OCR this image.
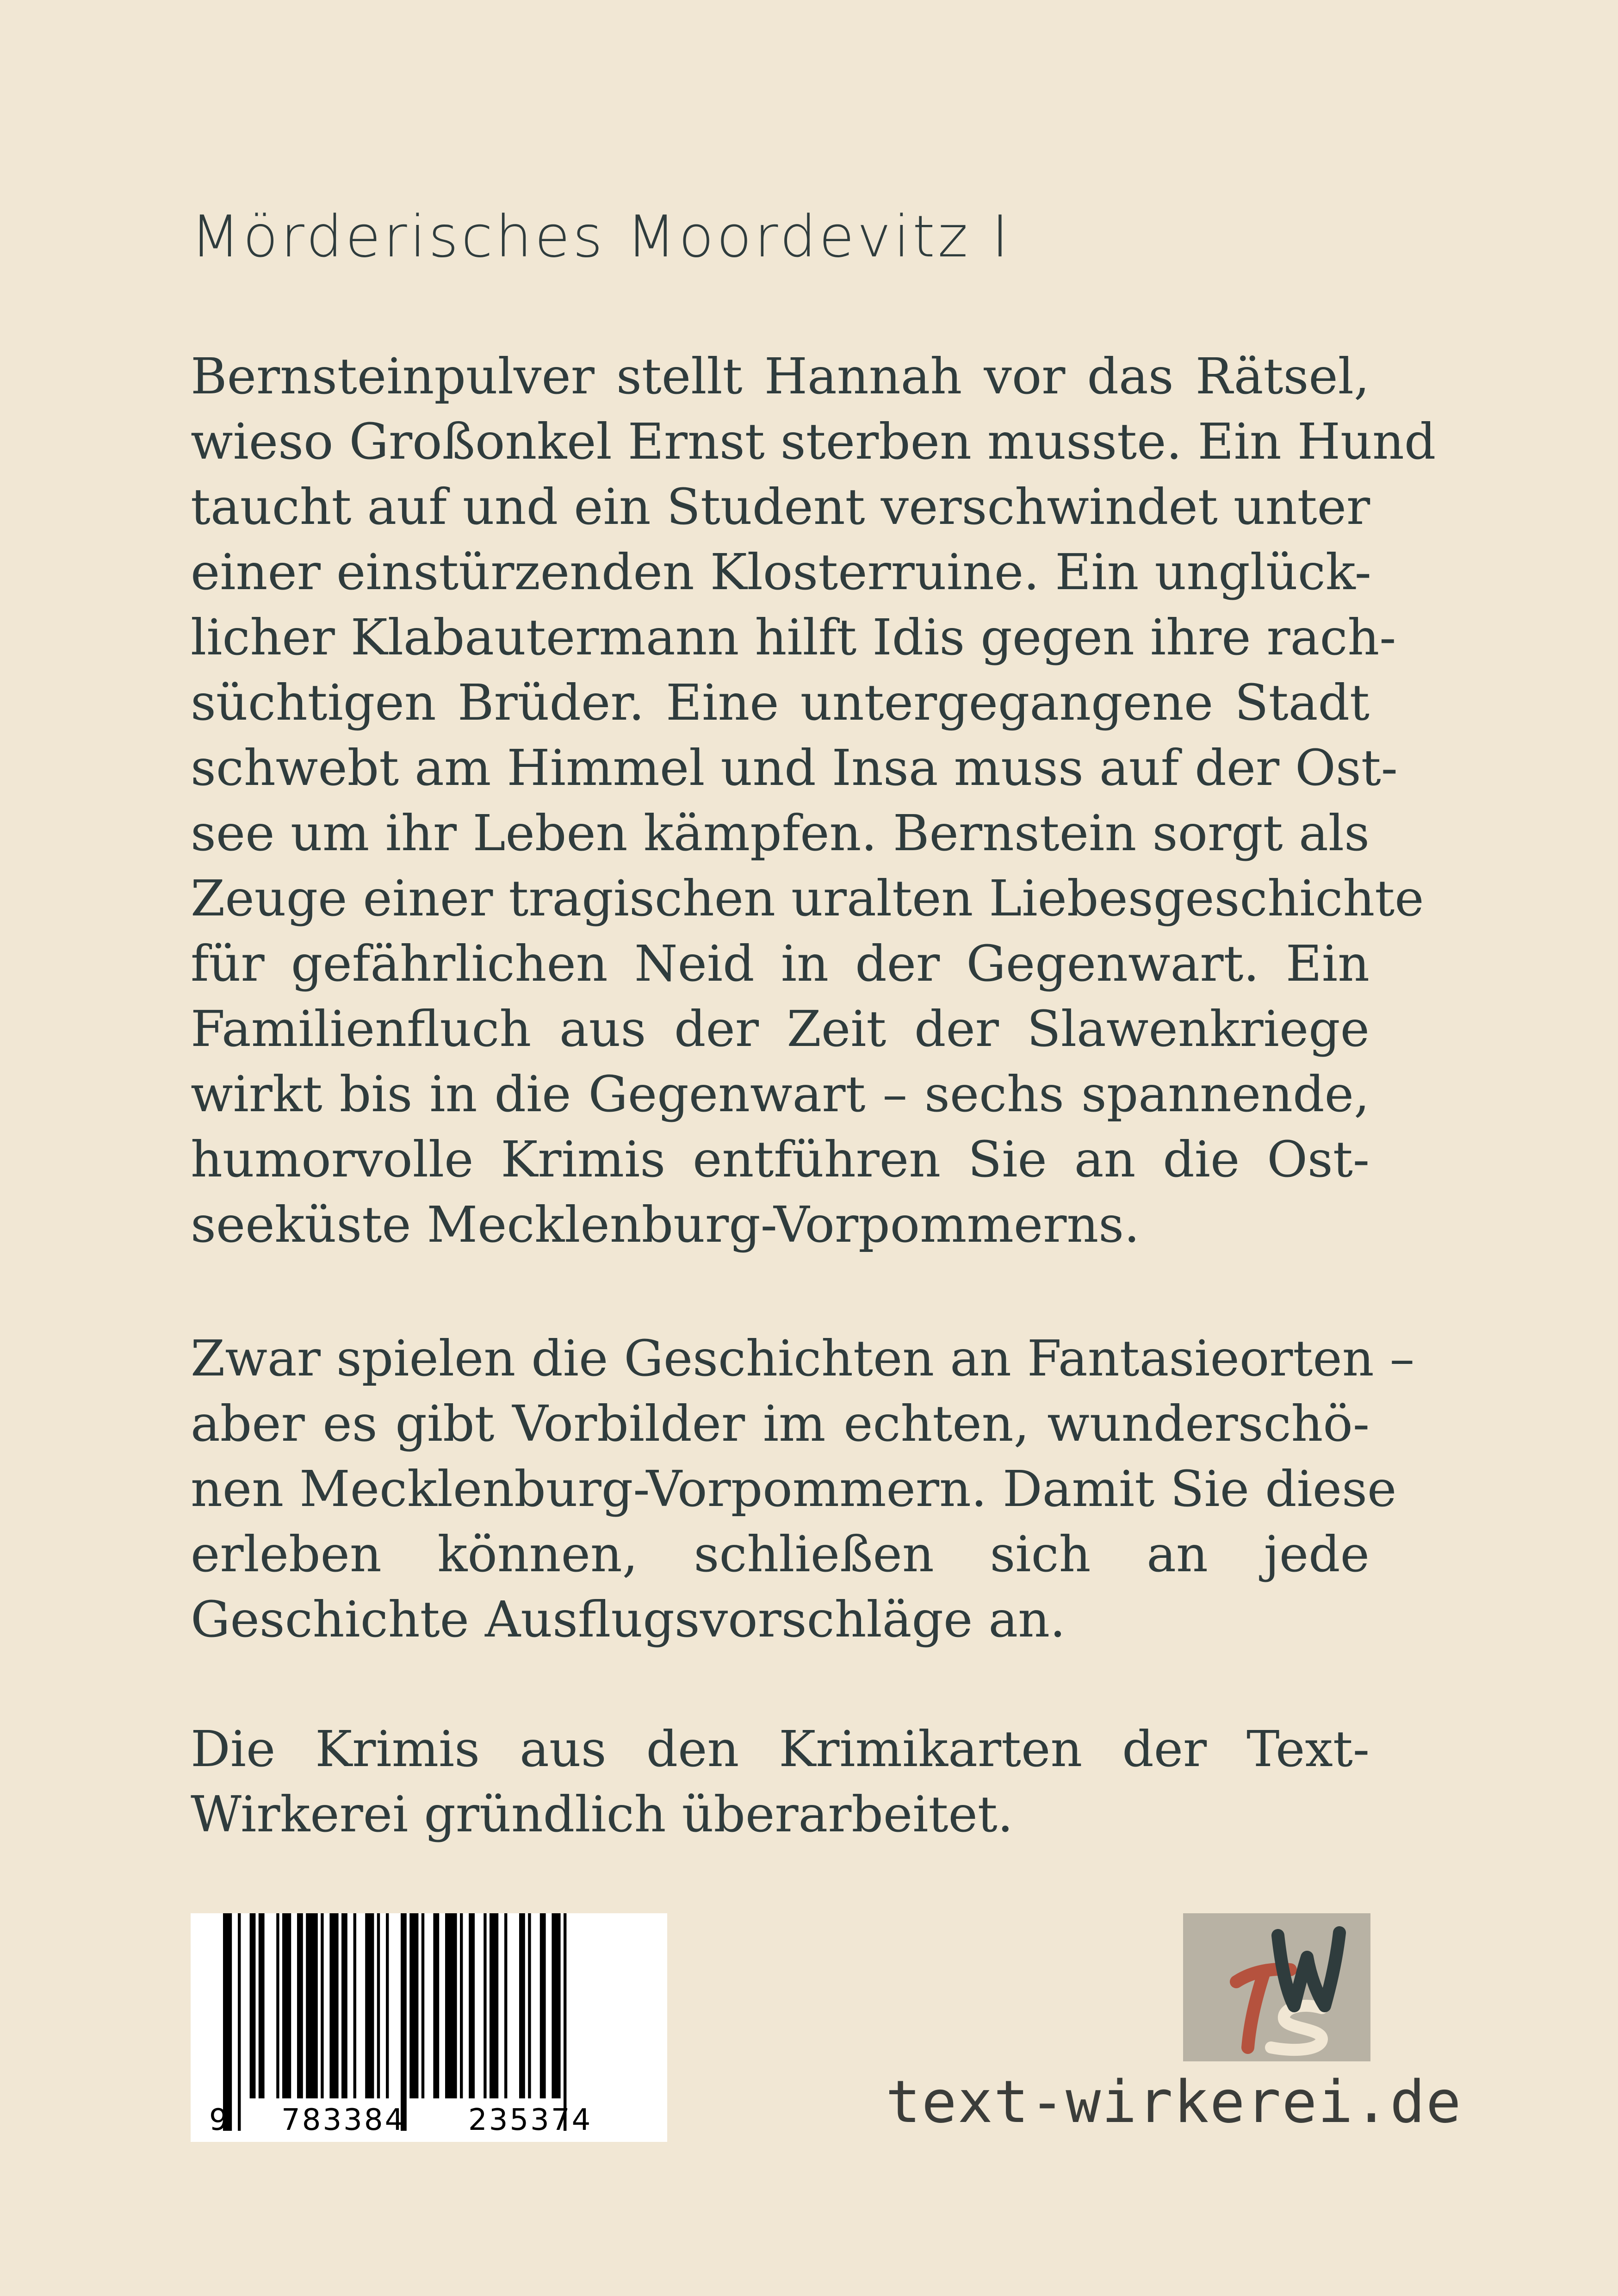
Mörderisches Moordevitz I

Bernsteinpulver stellt Hannah vor das Rätsel,
wieso Großonkel Ernst sterben musste. Ein Hund
taucht auf und ein Student verschwindet unter
einer einstürzenden Klosterruine. Ein unglück-
licher Klabautermann hilft Idis gegen ihre rach-
süchtigen Brüder. Eine untergegangene Stadt
schwebt am Himmel und Insa muss auf der Ost-
see um ihr Leben kämpfen. Bernstein sorgt als
Zeuge einer tragischen uralten Liebesgeschichte
für gefährlichen Neid in der Gegenwart. Ein
Familienfluch aus der Zeit der Slawenkriege
wirkt bis in die Gegenwart – sechs spannende,
humorvolle Krimis entführen Sie an die Ost-
seeküste Mecklenburg-Vorpommerns.

Zwar spielen die Geschichten an Fantasieorten –
aber es gibt Vorbilder im echten, wunderschö-
nen Mecklenburg-Vorpommern. Damit Sie diese
erleben können, schließen sich an jede
Geschichte Ausflugsvorschläge an.

Die Krimis aus den Krimikarten der Text-
Wirkerei gründlich überarbeitet.

9 783384 235374	text-wirkerei.de
